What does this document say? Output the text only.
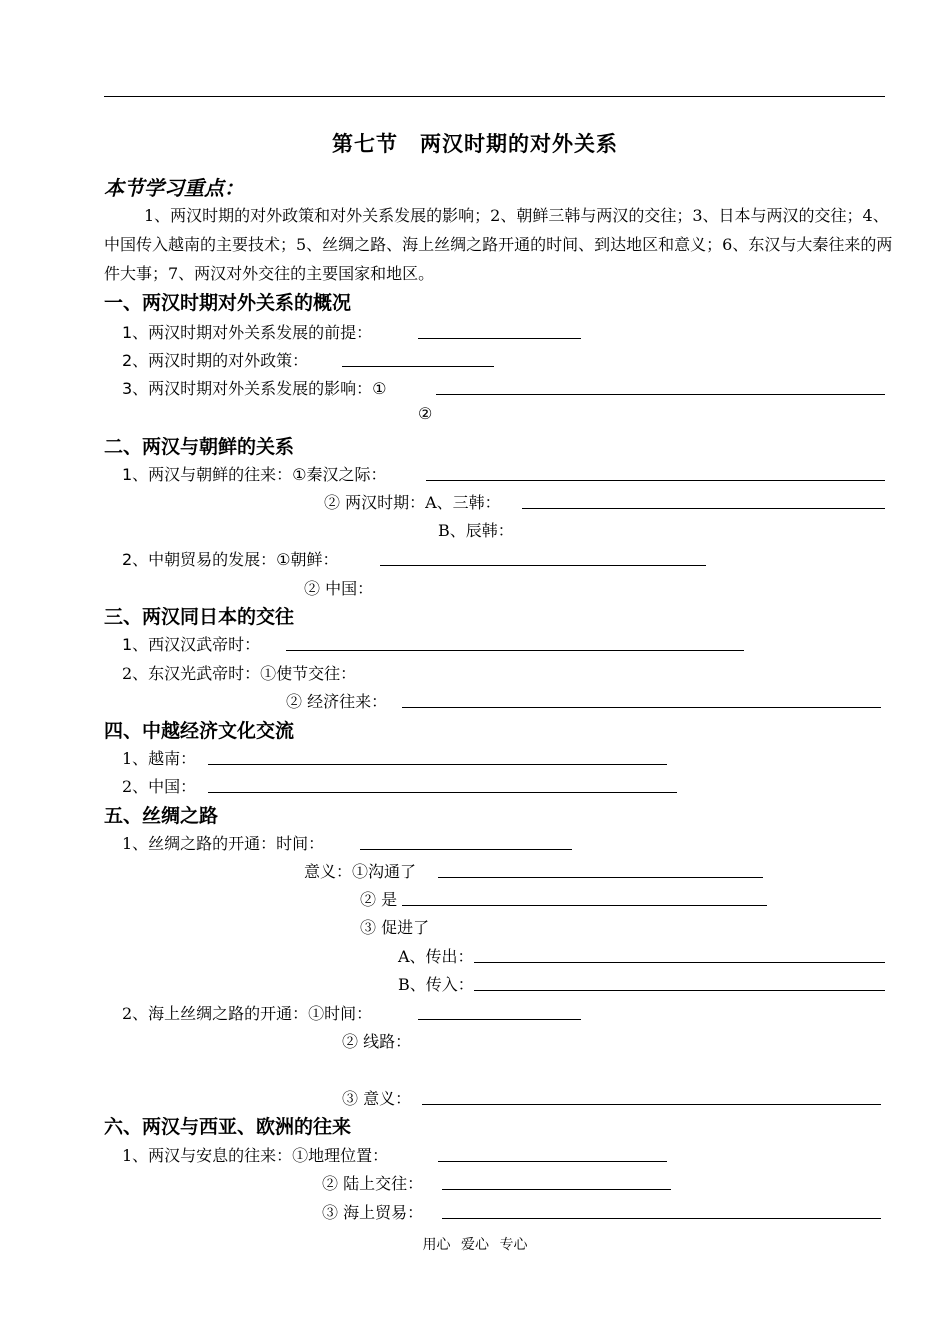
第七节　两汉时期的对外关系
本节学习重点：
1、两汉时期的对外政策和对外关系发展的影响；2、朝鲜三韩与两汉的交往；3、日本与两汉的交往；4、中国传入越南的主要技术；5、丝绸之路、海上丝绸之路开通的时间、到达地区和意义；6、东汉与大秦往来的两件大事；7、两汉对外交往的主要国家和地区。
一、两汉时期对外关系的概况
1、两汉时期对外关系发展的前提：
2、两汉时期的对外政策：
3、两汉时期对外关系发展的影响：①
②
二、两汉与朝鲜的关系
1、两汉与朝鲜的往来：①秦汉之际：
② 两汉时期：A、三韩：
B、辰韩：
2、中朝贸易的发展：①朝鲜：
② 中国：
三、两汉同日本的交往
1、西汉汉武帝时：
2、东汉光武帝时：①使节交往：
② 经济往来：
四、中越经济文化交流
1、越南：
2、中国：
五、丝绸之路
1、丝绸之路的开通：时间：
意义：①沟通了
② 是
③ 促进了
A、传出：
B、传入：
2、海上丝绸之路的开通：①时间：
② 线路：
③ 意义：
六、两汉与西亚、欧洲的往来
1、两汉与安息的往来：①地理位置：
② 陆上交往：
③ 海上贸易：
用心 爱心 专心
